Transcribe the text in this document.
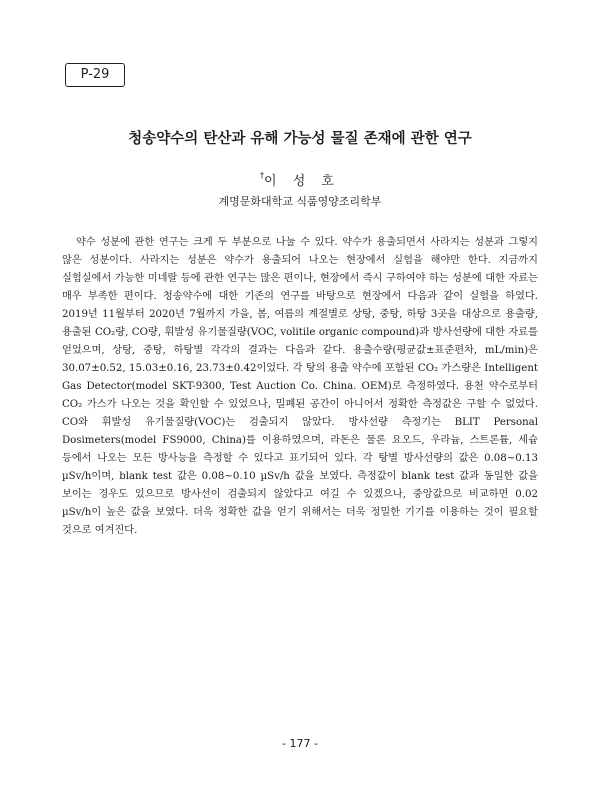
P-29
청송약수의 탄산과 유해 가능성 물질 존재에 관한 연구
†이 성 호
계명문화대학교 식품영양조리학부

약수 성분에 관한 연구는 크게 두 부분으로 나눌 수 있다. 약수가 용출되면서 사라지는 성분과 그렇지 않은 성분이다. 사라지는 성분은 약수가 용출되어 나오는 현장에서 실험을 해야만 한다. 지금까지 실험실에서 가능한 미네랄 등에 관한 연구는 많은 편이나, 현장에서 즉시 구하여야 하는 성분에 대한 자료는 매우 부족한 편이다. 청송약수에 대한 기존의 연구를 바탕으로 현장에서 다음과 같이 실험을 하였다. 2019년 11월부터 2020년 7월까지 가을, 봄, 여름의 계절별로 상탕, 중탕, 하탕 3곳을 대상으로 용출량, 용출된 CO₂량, CO량, 휘발성 유기물질량(VOC, volitile organic compound)과 방사선량에 대한 자료를 얻었으며, 상탕, 중탕, 하탕별 각각의 결과는 다음과 같다. 용출수량(평균값±표준편차, mL/min)은 30.07±0.52, 15.03±0.16, 23.73±0.42이었다. 각 탕의 용출 약수에 포함된 CO₂ 가스량은 Intelligent Gas Detector(model SKT-9300, Test Auction Co. China. OEM)로 측정하였다. 용천 약수로부터 CO₂ 가스가 나오는 것을 확인할 수 있었으나, 밀폐된 공간이 아니어서 정확한 측정값은 구할 수 없었다. CO와 휘발성 유기물질량(VOC)는 검출되지 않았다. 방사선량 측정기는 BLIT Personal Dosimeters(model FS9000, China)를 이용하였으며, 라돈은 물론 요오드, 우라늄, 스트론튬, 세슘 등에서 나오는 모든 방사능을 측정할 수 있다고 표기되어 있다. 각 탕별 방사선량의 값은 0.08~0.13 µSv/h이며, blank test 값은 0.08~0.10 µSv/h 값을 보였다. 측정값이 blank test 값과 동일한 값을 보이는 경우도 있으므로 방사선이 검출되지 않았다고 여길 수 있겠으나, 중앙값으로 비교하면 0.02 µSv/h이 높은 값을 보였다. 더욱 정확한 값을 얻기 위해서는 더욱 정밀한 기기를 이용하는 것이 필요할 것으로 여겨진다.

- 177 -
